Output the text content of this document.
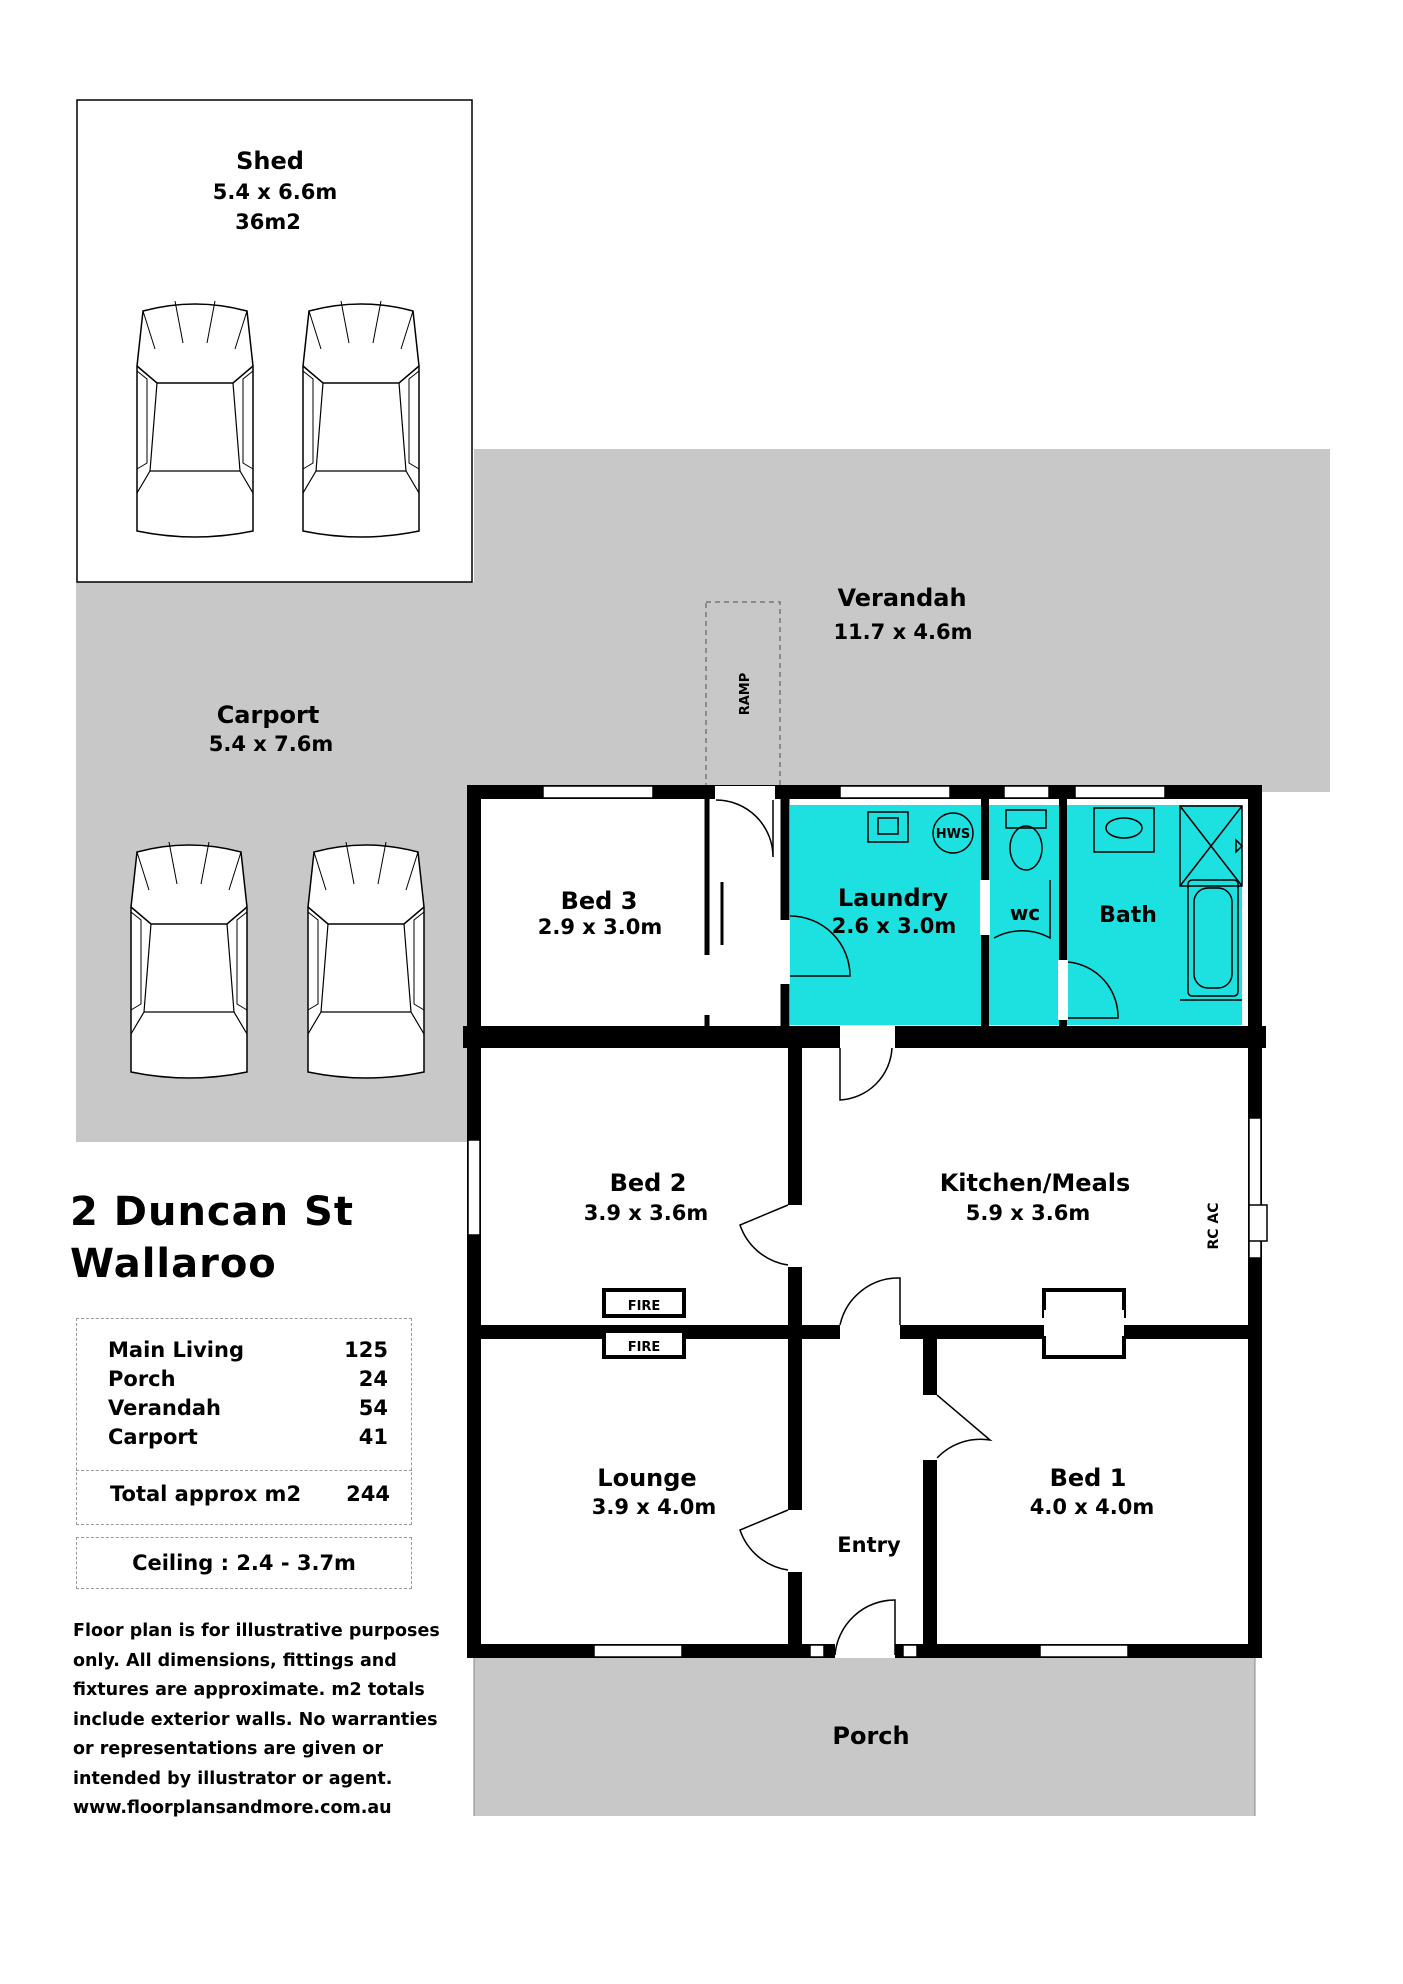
Shed
5.4 x 6.6m
36m2
Verandah
11.7 x 4.6m
Carport
5.4 x 7.6m
Bed 3
2.9 x 3.0m
Laundry
2.6 x 3.0m
wc	Bath
Bed 2
3.9 x 3.6m
Kitchen/Meals
5.9 x 3.6m
Lounge
3.9 x 4.0m
Entry
Bed 1
4.0 x 4.0m
Porch
HWS
FIRE
FIRE
RAMP
RC AC

2 Duncan St

Wallaroo

Main Living	125
Porch	24
Verandah	54
Carport	41
Total approx m2 244
Ceiling : 2.4 - 3.7m
Floor plan is for illustrative purposes
only. All dimensions, fittings and
fixtures are approximate. m2 totals
include exterior walls. No warranties
or representations are given or
intended by illustrator or agent.
www.floorplansandmore.com.au
